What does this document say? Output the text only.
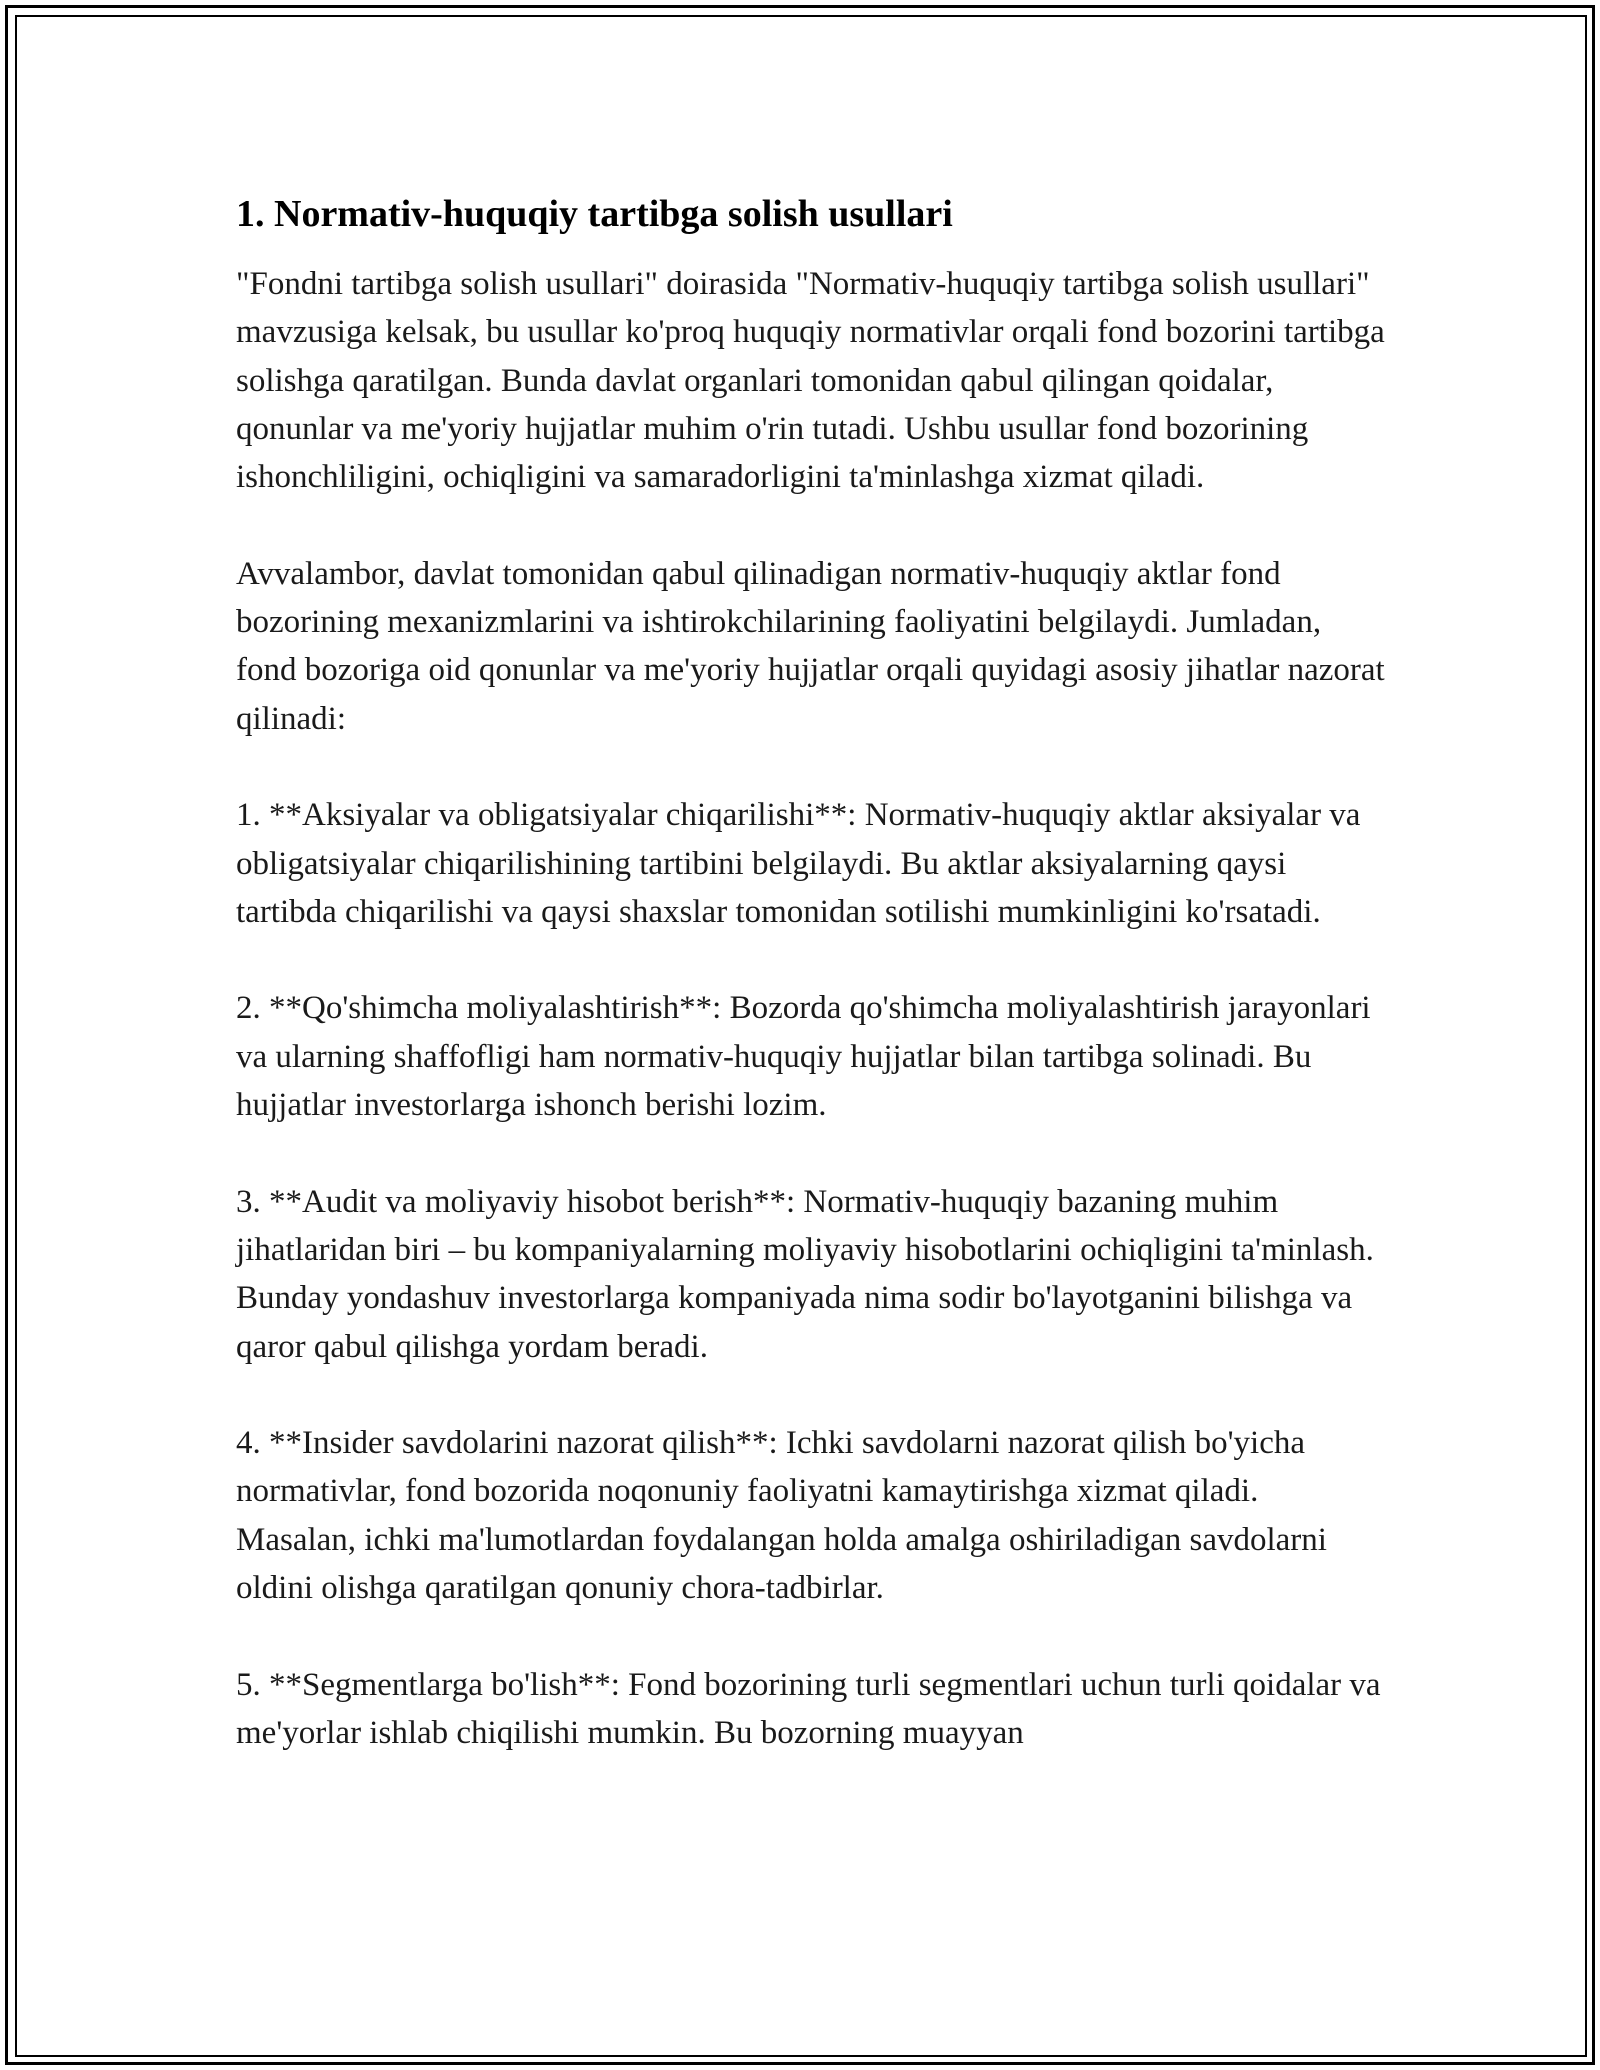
1. Normativ-huquqiy tartibga solish usullari

"Fondni tartibga solish usullari" doirasida "Normativ-huquqiy tartibga solish usullari" mavzusiga kelsak, bu usullar ko'proq huquqiy normativlar orqali fond bozorini tartibga solishga qaratilgan. Bunda davlat organlari tomonidan qabul qilingan qoidalar, qonunlar va me'yoriy hujjatlar muhim o'rin tutadi. Ushbu usullar fond bozorining ishonchliligini, ochiqligini va samaradorligini ta'minlashga xizmat qiladi.

Avvalambor, davlat tomonidan qabul qilinadigan normativ-huquqiy aktlar fond bozorining mexanizmlarini va ishtirokchilarining faoliyatini belgilaydi. Jumladan, fond bozoriga oid qonunlar va me'yoriy hujjatlar orqali quyidagi asosiy jihatlar nazorat qilinadi:

1. **Aksiyalar va obligatsiyalar chiqarilishi**: Normativ-huquqiy aktlar aksiyalar va obligatsiyalar chiqarilishining tartibini belgilaydi. Bu aktlar aksiyalarning qaysi tartibda chiqarilishi va qaysi shaxslar tomonidan sotilishi mumkinligini ko'rsatadi.

2. **Qo'shimcha moliyalashtirish**: Bozorda qo'shimcha moliyalashtirish jarayonlari va ularning shaffofligi ham normativ-huquqiy hujjatlar bilan tartibga solinadi. Bu hujjatlar investorlarga ishonch berishi lozim.

3. **Audit va moliyaviy hisobot berish**: Normativ-huquqiy bazaning muhim jihatlaridan biri – bu kompaniyalarning moliyaviy hisobotlarini ochiqligini ta'minlash. Bunday yondashuv investorlarga kompaniyada nima sodir bo'layotganini bilishga va qaror qabul qilishga yordam beradi.

4. **Insider savdolarini nazorat qilish**: Ichki savdolarni nazorat qilish bo'yicha normativlar, fond bozorida noqonuniy faoliyatni kamaytirishga xizmat qiladi. Masalan, ichki ma'lumotlardan foydalangan holda amalga oshiriladigan savdolarni oldini olishga qaratilgan qonuniy chora-tadbirlar.

5. **Segmentlarga bo'lish**: Fond bozorining turli segmentlari uchun turli qoidalar va me'yorlar ishlab chiqilishi mumkin. Bu bozorning muayyan
